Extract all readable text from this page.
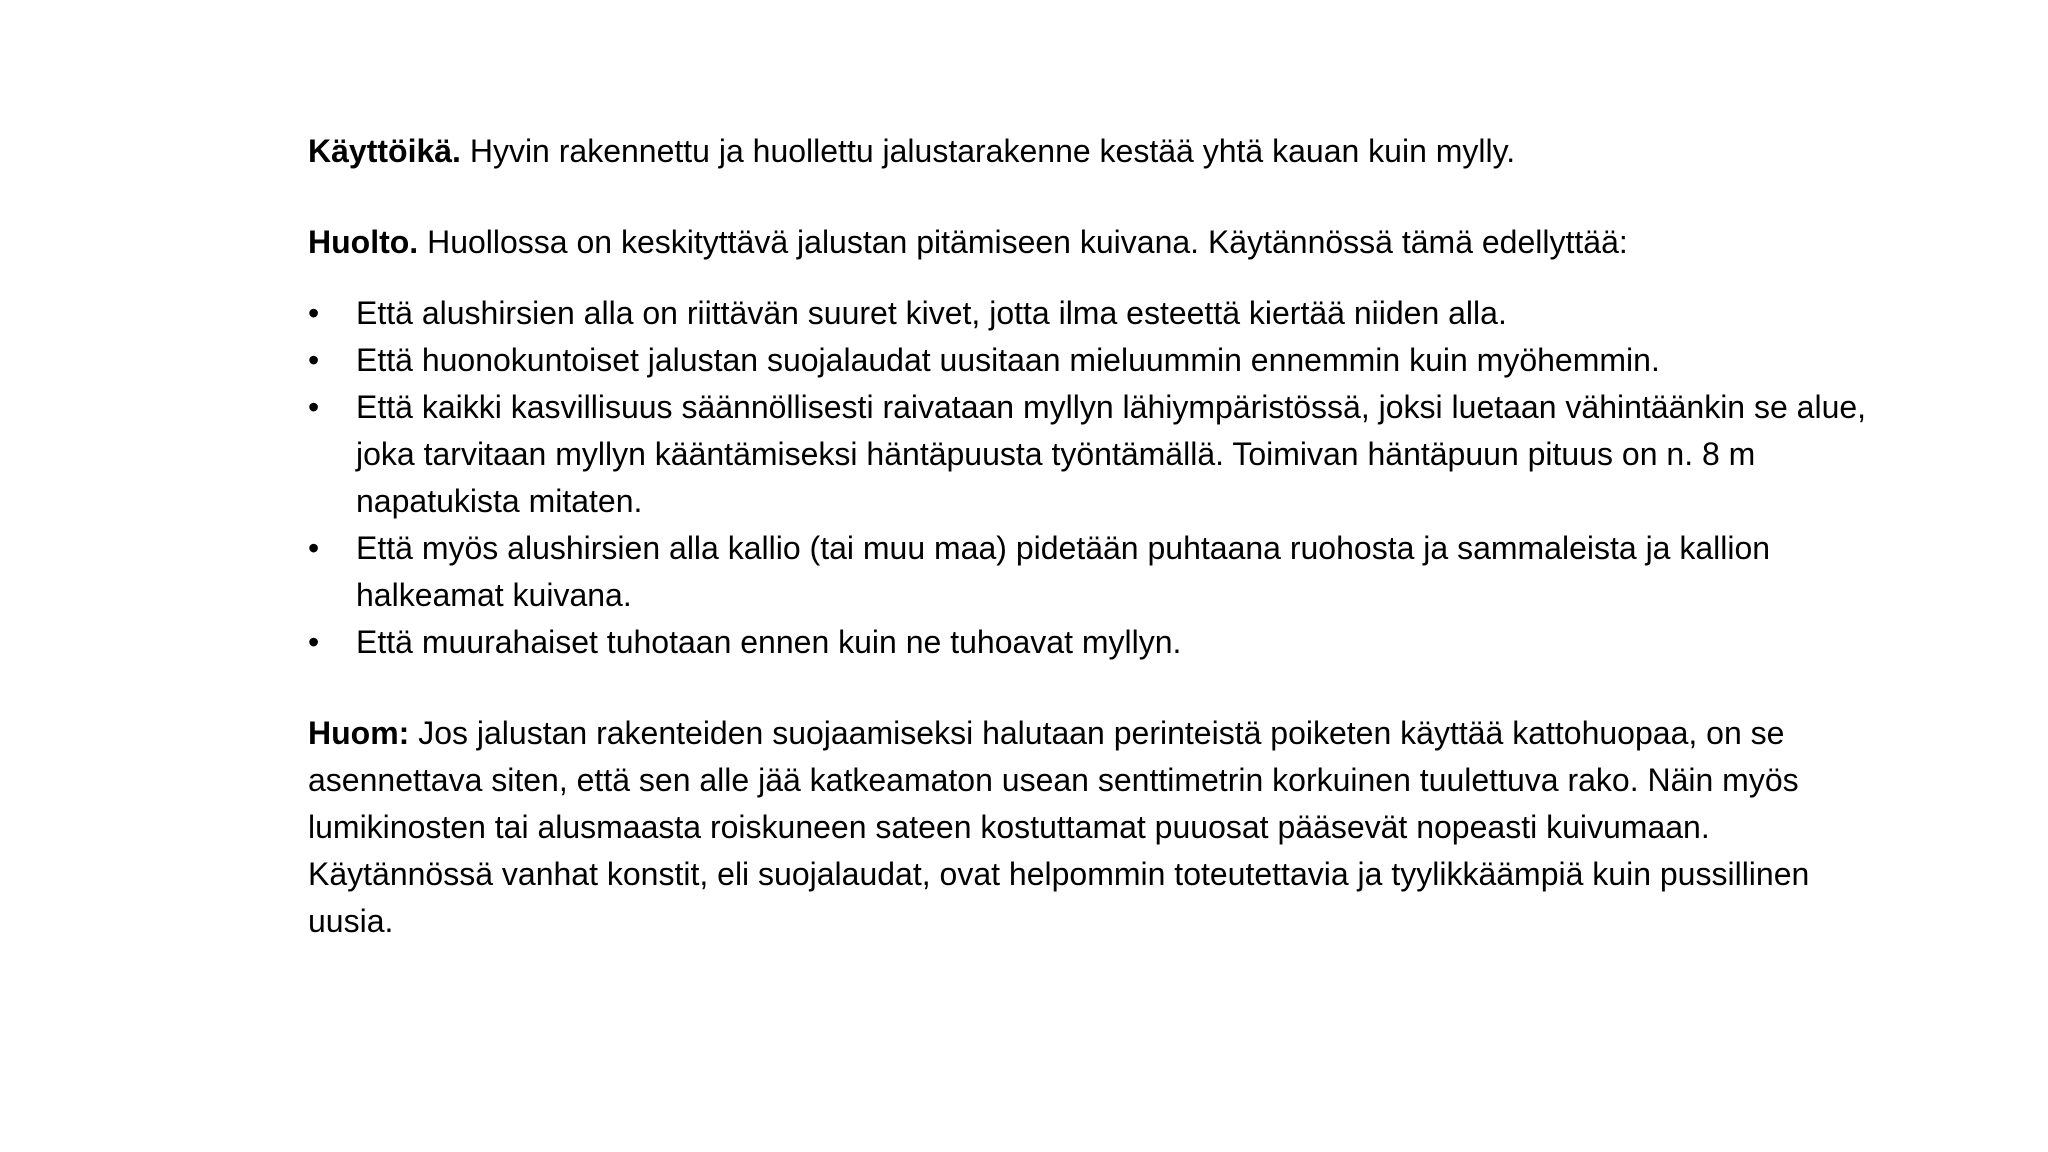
Käyttöikä. Hyvin rakennettu ja huollettu jalustarakenne kestää yhtä kauan kuin mylly.

Huolto. Huollossa on keskityttävä jalustan pitämiseen kuivana. Käytännössä tämä edellyttää:

• Että alushirsien alla on riittävän suuret kivet, jotta ilma esteettä kiertää niiden alla.
• Että huonokuntoiset jalustan suojalaudat uusitaan mieluummin ennemmin kuin myöhemmin.
• Että kaikki kasvillisuus säännöllisesti raivataan myllyn lähiympäristössä, joksi luetaan vähintäänkin se alue, joka tarvitaan myllyn kääntämiseksi häntäpuusta työntämällä. Toimivan häntäpuun pituus on n. 8 m napatukista mitaten.
• Että myös alushirsien alla kallio (tai muu maa) pidetään puhtaana ruohosta ja sammaleista ja kallion halkeamat kuivana.
• Että muurahaiset tuhotaan ennen kuin ne tuhoavat myllyn.

Huom: Jos jalustan rakenteiden suojaamiseksi halutaan perinteistä poiketen käyttää kattohuopaa, on se asennettava siten, että sen alle jää katkeamaton usean senttimetrin korkuinen tuulettuva rako. Näin myös lumikinosten tai alusmaasta roiskuneen sateen kostuttamat puuosat pääsevät nopeasti kuivumaan. Käytännössä vanhat konstit, eli suojalaudat, ovat helpommin toteutettavia ja tyylikkäämpiä kuin pussillinen uusia.
